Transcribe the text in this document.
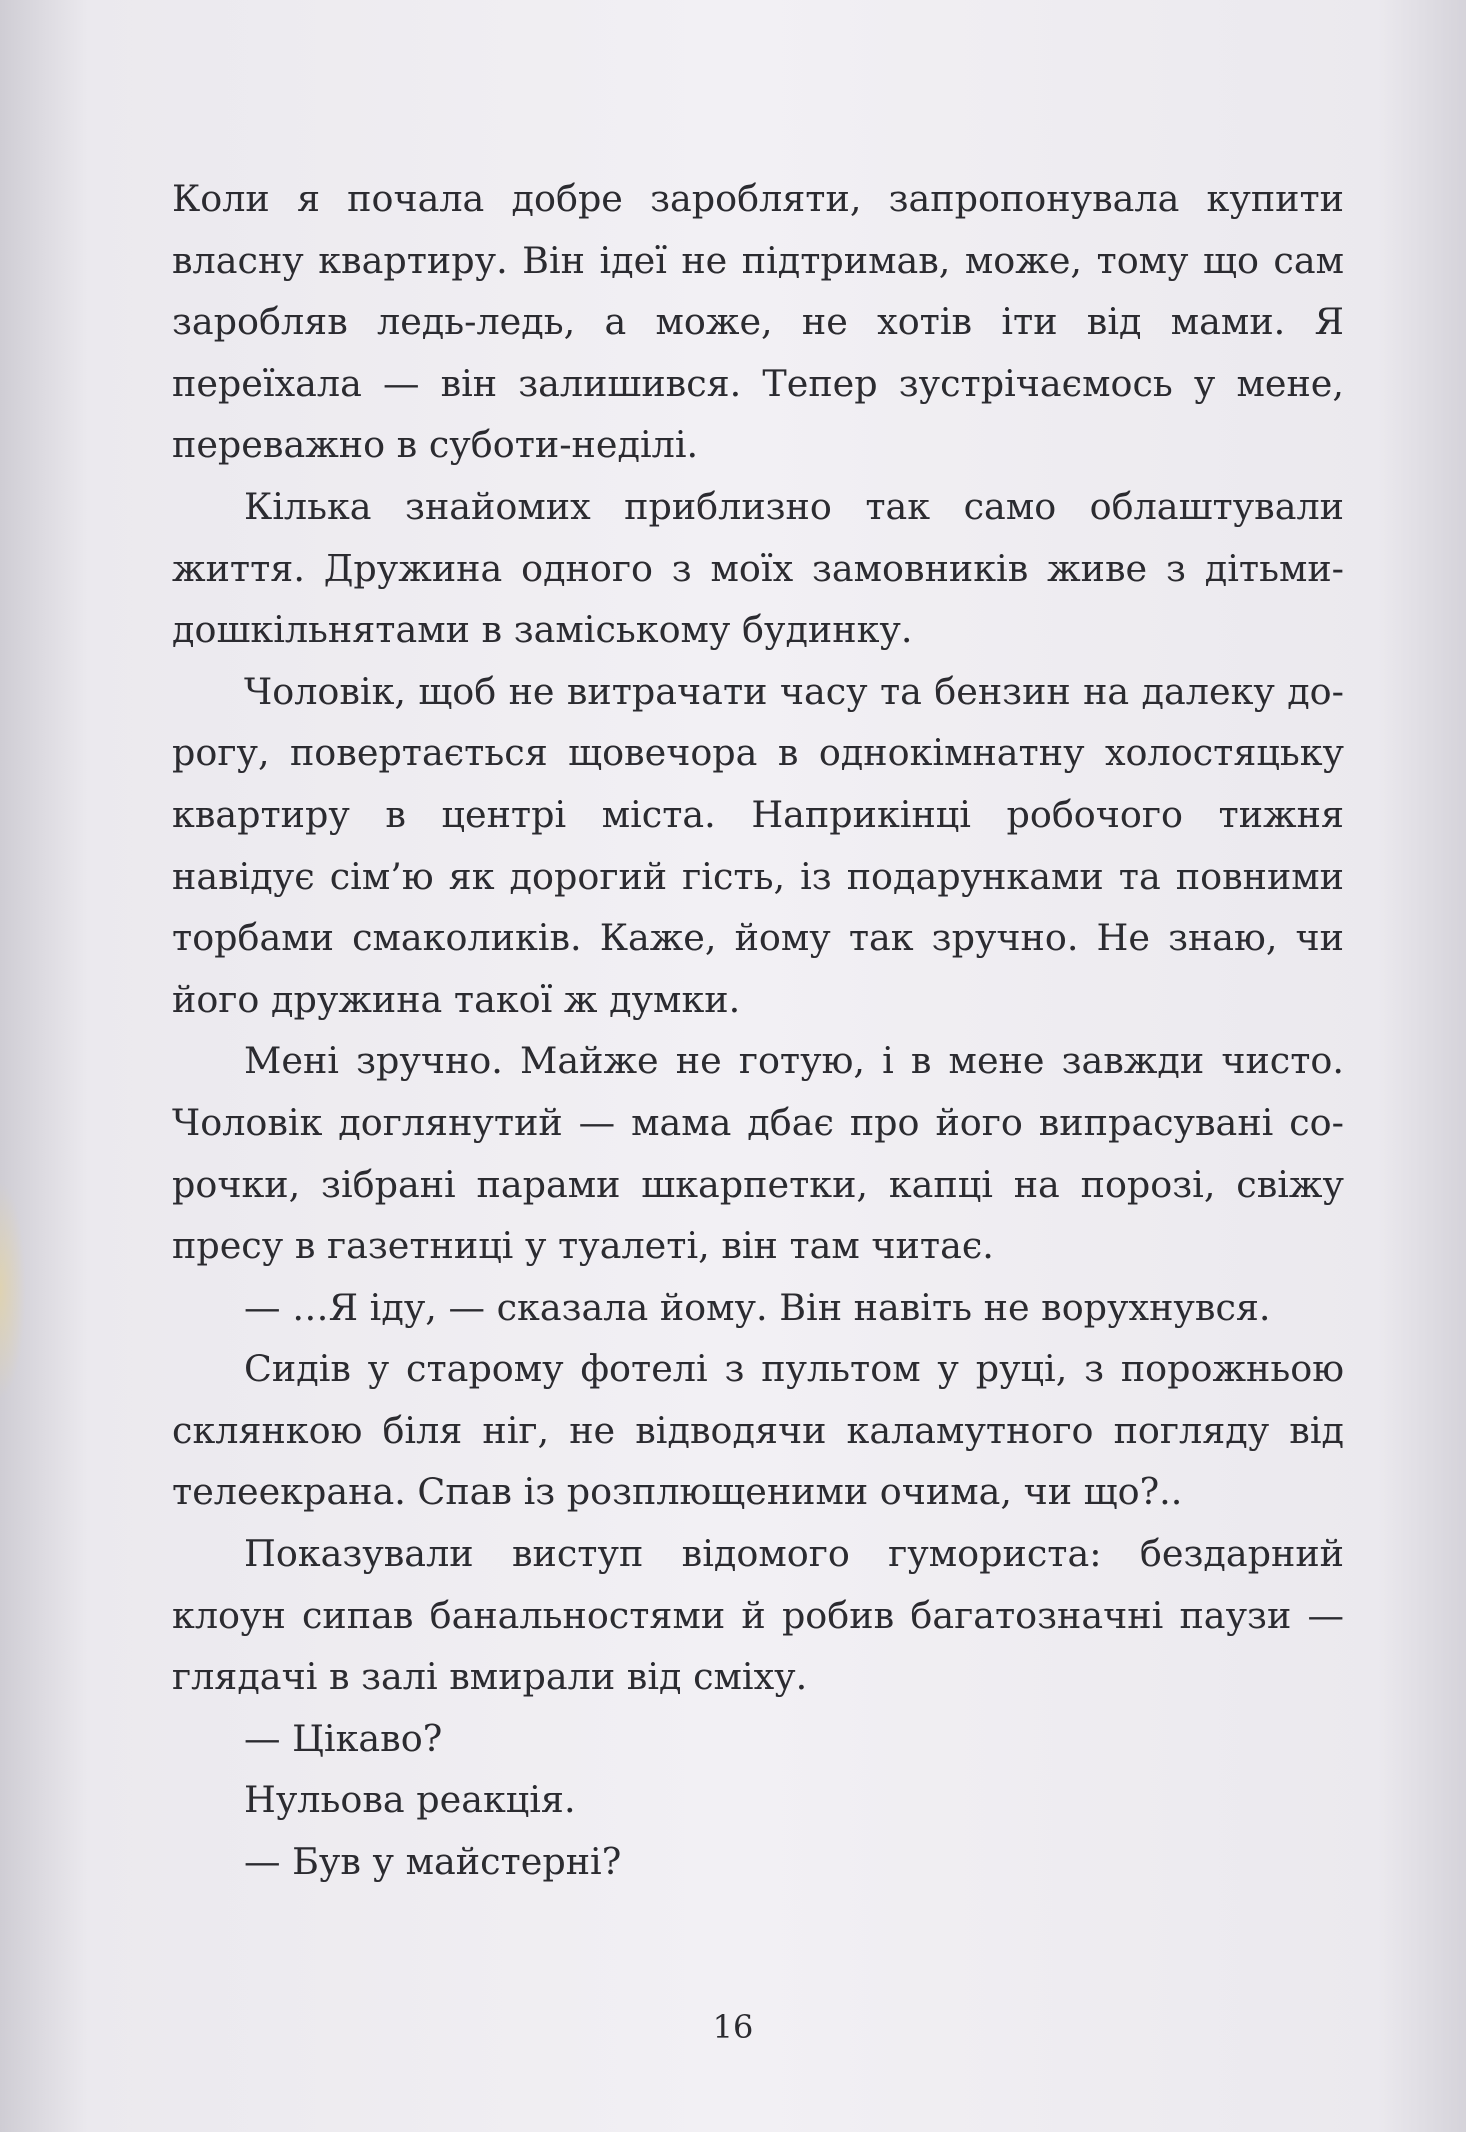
Коли я почала добре заробляти, запропонувала купити власну квартиру. Він ідеї не підтримав, може, тому що сам заробляв ледь-ледь, а може, не хотів іти від мами. Я переїхала — він залишився. Тепер зустрічаємось у мене, переважно в суботи-неділі.

Кілька знайомих приблизно так само облаштували життя. Дружина одного з моїх замовників живе з дітьми-дошкільнятами в заміському будинку.

Чоловік, щоб не витрачати часу та бензин на далеку дорогу, повертається щовечора в однокімнатну холостяцьку квартиру в центрі міста. Наприкінці робочого тижня навідує сім’ю як дорогий гість, із подарунками та повними торбами смаколиків. Каже, йому так зручно. Не знаю, чи його дружина такої ж думки.

Мені зручно. Майже не готую, і в мене завжди чисто. Чоловік доглянутий — мама дбає про його випрасувані сорочки, зібрані парами шкарпетки, капці на порозі, свіжу пресу в газетниці у туалеті, він там читає.

— …Я іду, — сказала йому. Він навіть не ворухнувся.

Сидів у старому фотелі з пультом у руці, з порожньою склянкою біля ніг, не відводячи каламутного погляду від телеекрана. Спав із розплющеними очима, чи що?..

Показували виступ відомого гумориста: бездарний клоун сипав банальностями й робив багатозначні паузи — глядачі в залі вмирали від сміху.

— Цікаво?

Нульова реакція.

— Був у майстерні?

16
